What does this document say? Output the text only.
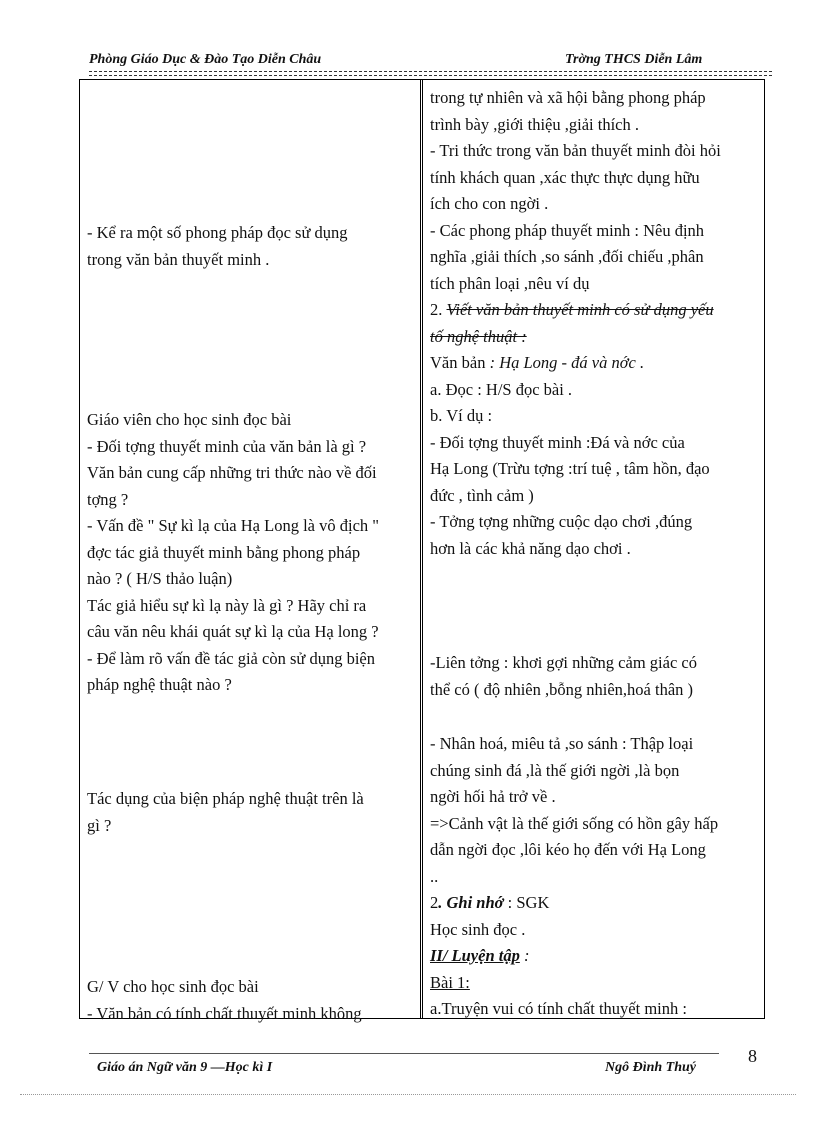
Phòng Giáo Dục & Đào Tạo Diễn Châu	Trờng THCS Diễn Lâm
- Kể ra một số phong pháp đọc sử dụng
trong văn bản thuyết minh .
Giáo viên cho học sinh đọc bài
- Đối tợng thuyết minh của văn bản là gì ?
Văn bản cung cấp những tri thức nào về đối
tợng ?
- Vấn đề " Sự kì lạ của Hạ Long là vô địch "
đợc tác giả thuyết minh bằng phong pháp
nào ? ( H/S thảo luận)
Tác giả hiểu sự kì lạ này là gì ? Hãy chỉ ra
câu văn nêu khái quát sự kì lạ của Hạ long ?
- Để làm rõ vấn đề tác giả còn sử dụng biện
pháp nghệ thuật nào ?
Tác dụng của biện pháp nghệ thuật trên là
gì ?
G/ V cho học sinh đọc bài
- Văn bản có tính chất thuyết minh không
trong tự nhiên và xã hội bằng phong pháp
trình bày ,giới thiệu ,giải thích .
- Tri thức trong văn bản thuyết minh đòi hỏi
tính khách quan ,xác thực thực dụng hữu
ích cho con ngời .
- Các phong pháp thuyết minh : Nêu định
nghĩa ,giải thích ,so sánh ,đối chiếu ,phân
tích phân loại ,nêu ví dụ
2. Viết văn bản thuyết minh có sử dụng yếu
tố nghệ thuật :
Văn bản : Hạ Long - đá và nớc .
a. Đọc : H/S đọc bài .
b. Ví dụ :
- Đối tợng thuyết minh :Đá và nớc của
Hạ Long (Trừu tợng :trí tuệ , tâm hồn, đạo
đức , tình cảm )
- Tởng tợng những cuộc dạo chơi ,đúng
hơn là các khả năng dạo chơi .
-Liên tởng : khơi gợi những cảm giác có
thể có ( độ nhiên ,bỗng nhiên,hoá thân )
- Nhân hoá, miêu tả ,so sánh : Thập loại
chúng sinh đá ,là thế giới ngời ,là bọn
ngời hối hả trở về .
=>Cảnh vật là thế giới sống có hồn gây hấp
dẫn ngời đọc ,lôi kéo họ đến với Hạ Long
..
2. Ghi nhớ : SGK
Học sinh đọc .
II/ Luyện tập :
Bài 1:
a.Truyện vui có tính chất thuyết minh :
Giáo án Ngữ văn 9 —Học kì I	Ngô Đình Thuý
8
